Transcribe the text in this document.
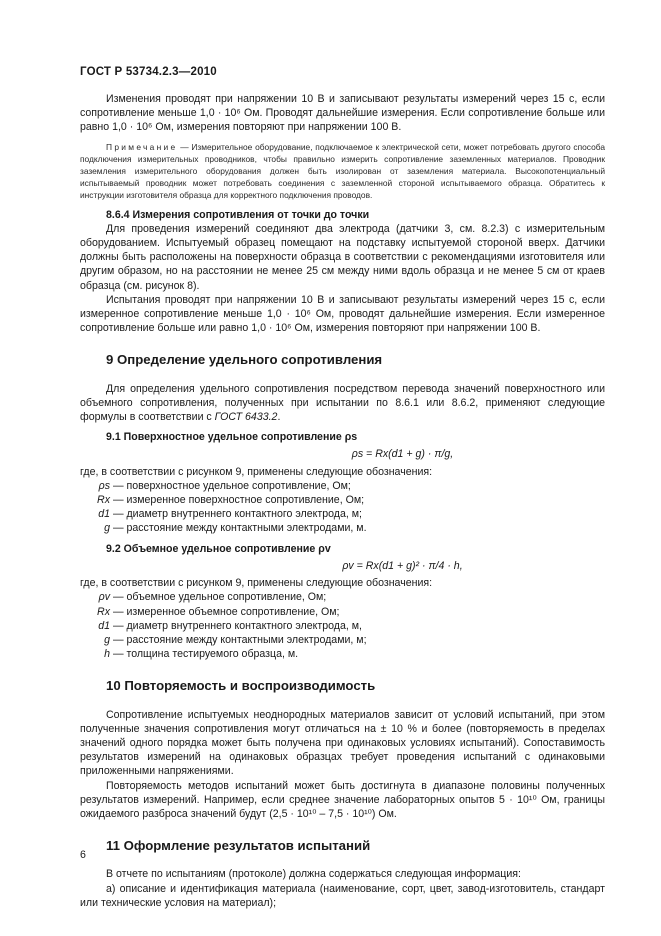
ГОСТ Р 53734.2.3—2010

Изменения проводят при напряжении 10 В и записывают результаты измерений через 15 с, если сопротивление меньше 1,0 · 10⁶ Ом. Проводят дальнейшие измерения. Если сопротивление больше или равно 1,0 · 10⁶ Ом, измерения повторяют при напряжении 100 В.

Примечание — Измерительное оборудование, подключаемое к электрической сети, может потребовать другого способа подключения измерительных проводников, чтобы правильно измерить сопротивление заземленных материалов. Проводник заземления измерительного оборудования должен быть изолирован от заземления материала. Высокопотенциальный испытываемый проводник может потребовать соединения с заземленной стороной испытываемого образца. Обратитесь к инструкции изготовителя образца для корректного подключения проводов.

8.6.4 Измерения сопротивления от точки до точки

Для проведения измерений соединяют два электрода (датчики 3, см. 8.2.3) с измерительным оборудованием. Испытуемый образец помещают на подставку испытуемой стороной вверх. Датчики должны быть расположены на поверхности образца в соответствии с рекомендациями изготовителя или другим образом, но на расстоянии не менее 25 см между ними вдоль образца и не менее 5 см от краев образца (см. рисунок 8).

Испытания проводят при напряжении 10 В и записывают результаты измерений через 15 с, если измеренное сопротивление меньше 1,0 · 10⁶ Ом, проводят дальнейшие измерения. Если измеренное сопротивление больше или равно 1,0 · 10⁶ Ом, измерения повторяют при напряжении 100 В.

9 Определение удельного сопротивления

Для определения удельного сопротивления посредством перевода значений поверхностного или объемного сопротивления, полученных при испытании по 8.6.1 или 8.6.2, применяют следующие формулы в соответствии с ГОСТ 6433.2.

9.1 Поверхностное удельное сопротивление ρs

ρs = Rx(d1 + g) · π/g,

где, в соответствии с рисунком 9, применены следующие обозначения:

ρs — поверхностное удельное сопротивление, Ом;

Rx — измеренное поверхностное сопротивление, Ом;

d1 — диаметр внутреннего контактного электрода, м;

g — расстояние между контактными электродами, м.

9.2 Объемное удельное сопротивление ρv

ρv = Rx(d1 + g)² · π/4 · h,

где, в соответствии с рисунком 9, применены следующие обозначения:

ρv — объемное удельное сопротивление, Ом;

Rx — измеренное объемное сопротивление, Ом;

d1 — диаметр внутреннего контактного электрода, м,

g — расстояние между контактными электродами, м;

h — толщина тестируемого образца, м.

10 Повторяемость и воспроизводимость

Сопротивление испытуемых неоднородных материалов зависит от условий испытаний, при этом полученные значения сопротивления могут отличаться на ± 10 % и более (повторяемость в пределах значений одного порядка может быть получена при одинаковых условиях испытаний). Сопоставимость результатов измерений на одинаковых образцах требует проведения испытаний с одинаковыми приложенными напряжениями.

Повторяемость методов испытаний может быть достигнута в диапазоне половины полученных результатов измерений. Например, если среднее значение лабораторных опытов 5 · 10¹⁰ Ом, границы ожидаемого разброса значений будут (2,5 · 10¹⁰ – 7,5 · 10¹⁰) Ом.

11 Оформление результатов испытаний

В отчете по испытаниям (протоколе) должна содержаться следующая информация:

а) описание и идентификация материала (наименование, сорт, цвет, завод-изготовитель, стандарт или технические условия на материал);

6
